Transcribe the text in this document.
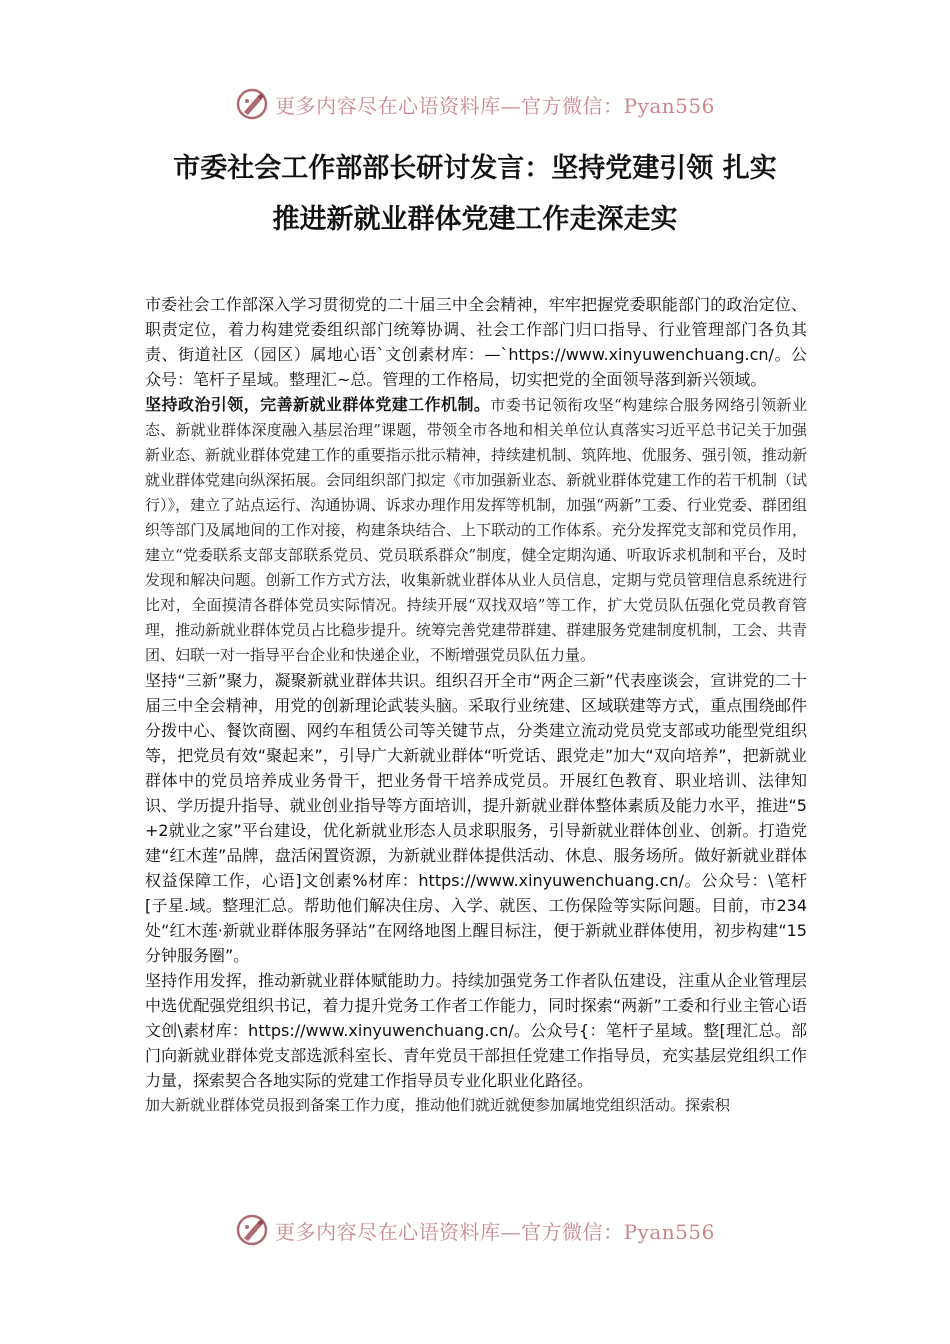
更多内容尽在心语资料库—官方微信：Pyan556
市委社会工作部部长研讨发言：坚持党建引领 扎实
推进新就业群体党建工作走深走实

市委社会工作部深入学习贯彻党的二十届三中全会精神，牢牢把握党委职能部门的政治定位、职责定位，着力构建党委组织部门统筹协调、社会工作部门归口指导、行业管理部门各负其责、街道社区（园区）属地心语`文创素材库：—`https://www.xinyuwenchuang.cn/。公众号：笔杆子星域。整理汇~总。管理的工作格局，切实把党的全面领导落到新兴领域。

坚持政治引领，完善新就业群体党建工作机制。市委书记领衔攻坚“构建综合服务网络引领新业态、新就业群体深度融入基层治理”课题，带领全市各地和相关单位认真落实习近平总书记关于加强新业态、新就业群体党建工作的重要指示批示精神，持续建机制、筑阵地、优服务、强引领，推动新就业群体党建向纵深拓展。会同组织部门拟定《市加强新业态、新就业群体党建工作的若干机制（试行）》，建立了站点运行、沟通协调、诉求办理作用发挥等机制，加强“两新”工委、行业党委、群团组织等部门及属地间的工作对接，构建条块结合、上下联动的工作体系。充分发挥党支部和党员作用，建立“党委联系支部支部联系党员、党员联系群众”制度，健全定期沟通、听取诉求机制和平台，及时发现和解决问题。创新工作方式方法，收集新就业群体从业人员信息，定期与党员管理信息系统进行比对，全面摸清各群体党员实际情况。持续开展“双找双培”等工作，扩大党员队伍强化党员教育管理，推动新就业群体党员占比稳步提升。统筹完善党建带群建、群建服务党建制度机制，工会、共青团、妇联一对一指导平台企业和快递企业，不断增强党员队伍力量。

坚持“三新”聚力，凝聚新就业群体共识。组织召开全市“两企三新”代表座谈会，宣讲党的二十届三中全会精神，用党的创新理论武装头脑。采取行业统建、区域联建等方式，重点围绕邮件分拨中心、餐饮商圈、网约车租赁公司等关键节点，分类建立流动党员党支部或功能型党组织等，把党员有效“聚起来”，引导广大新就业群体“听党话、跟党走”加大“双向培养”，把新就业群体中的党员培养成业务骨干，把业务骨干培养成党员。开展红色教育、职业培训、法律知识、学历提升指导、就业创业指导等方面培训，提升新就业群体整体素质及能力水平，推进“5+2就业之家”平台建设，优化新就业形态人员求职服务，引导新就业群体创业、创新。打造党建“红木莲”品牌，盘活闲置资源，为新就业群体提供活动、休息、服务场所。做好新就业群体权益保障工作，心语]文创素%材库：https://www.xinyuwenchuang.cn/。公众号：\笔杆[子星.域。整理汇总。帮助他们解决住房、入学、就医、工伤保险等实际问题。目前，市234处“红木莲·新就业群体服务驿站”在网络地图上醒目标注，便于新就业群体使用，初步构建“15分钟服务圈”。

坚持作用发挥，推动新就业群体赋能助力。持续加强党务工作者队伍建设，注重从企业管理层中选优配强党组织书记，着力提升党务工作者工作能力，同时探索“两新”工委和行业主管心语文创\素材库：https://www.xinyuwenchuang.cn/。公众号{：笔杆子星域。整[理汇总。部门向新就业群体党支部选派科室长、青年党员干部担任党建工作指导员，充实基层党组织工作力量，探索契合各地实际的党建工作指导员专业化职业化路径。

加大新就业群体党员报到备案工作力度，推动他们就近就便参加属地党组织活动。探索积

更多内容尽在心语资料库—官方微信：Pyan556
